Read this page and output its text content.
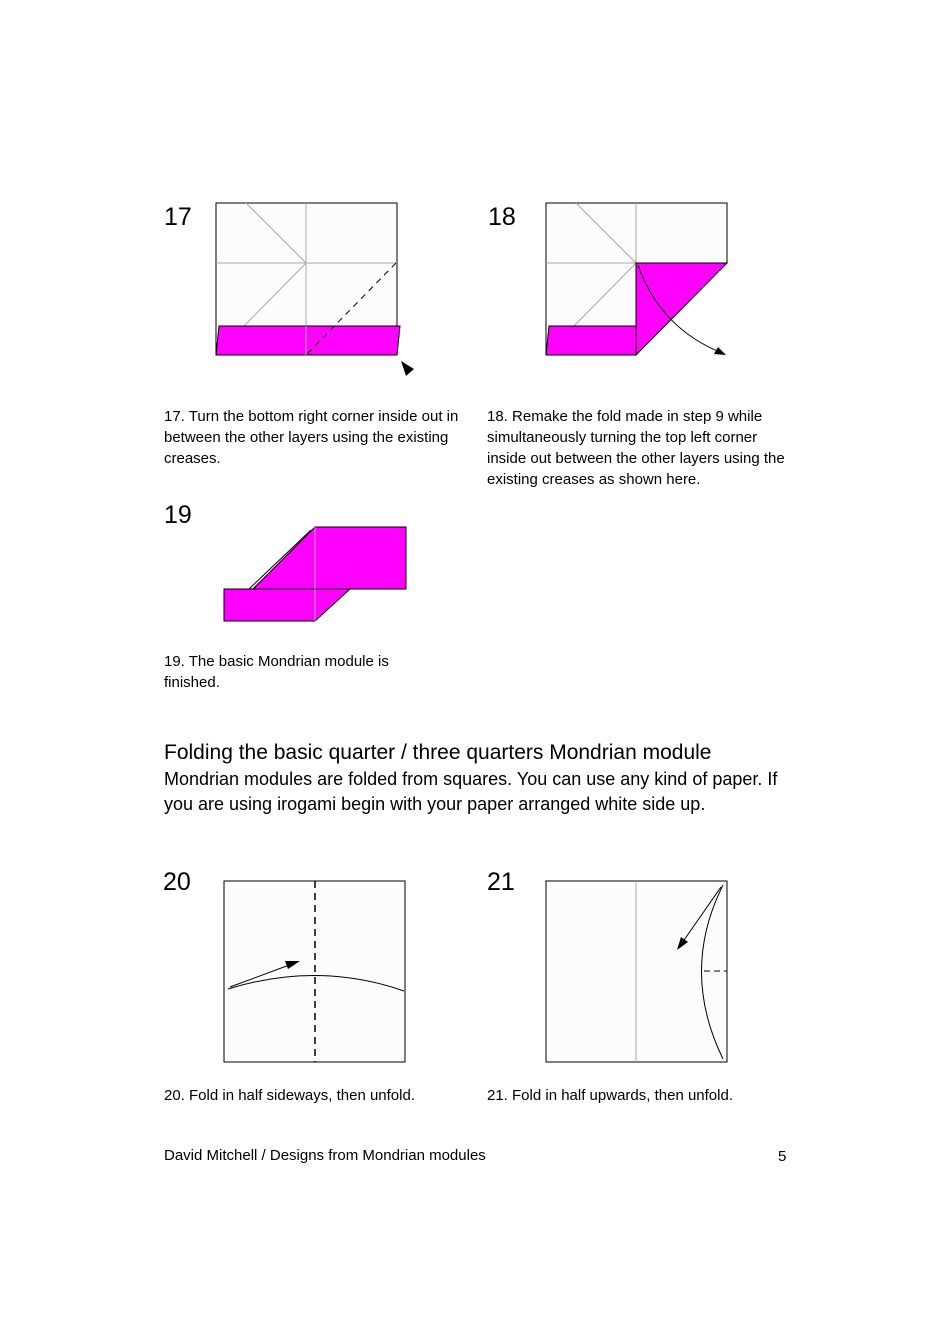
17
17. Turn the bottom right corner inside out in between the other layers using the existing creases.
18
18. Remake the fold made in step 9 while simultaneously turning the top left corner inside out between the other layers using the existing creases as shown here.
19
19. The basic Mondrian module is finished.
Folding the basic quarter / three quarters Mondrian module
Mondrian modules are folded from squares. You can use any kind of paper. If you are using irogami begin with your paper arranged white side up.
20
20. Fold in half sideways, then unfold.
21
21. Fold in half upwards, then unfold.
David Mitchell / Designs from Mondrian modules	5
